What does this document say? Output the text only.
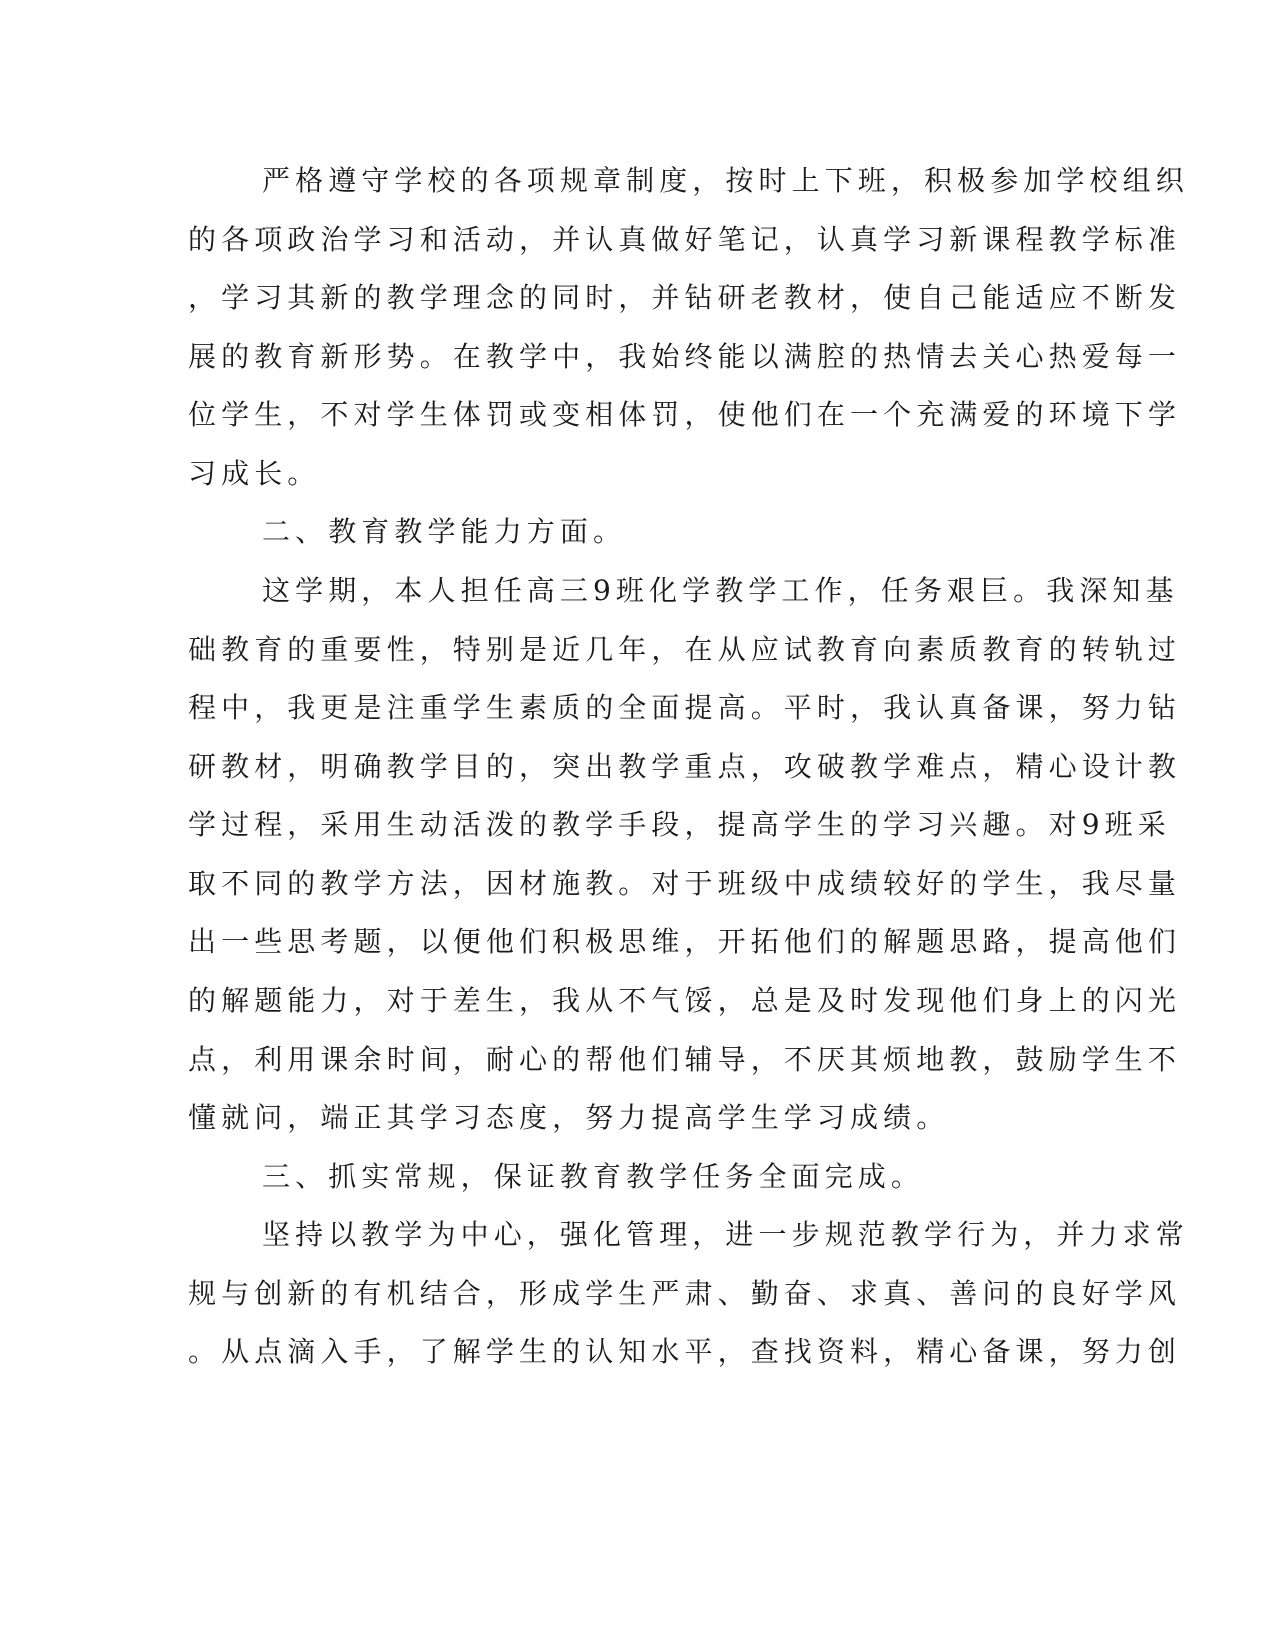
严格遵守学校的各项规章制度，按时上下班，积极参加学校组织
的各项政治学习和活动，并认真做好笔记，认真学习新课程教学标准
，学习其新的教学理念的同时，并钻研老教材，使自己能适应不断发
展的教育新形势。在教学中，我始终能以满腔的热情去关心热爱每一
位学生，不对学生体罚或变相体罚，使他们在一个充满爱的环境下学
习成长。
二、教育教学能力方面。
这学期，本人担任高三9班化学教学工作，任务艰巨。我深知基
础教育的重要性，特别是近几年，在从应试教育向素质教育的转轨过
程中，我更是注重学生素质的全面提高。平时，我认真备课，努力钻
研教材，明确教学目的，突出教学重点，攻破教学难点，精心设计教
学过程，采用生动活泼的教学手段，提高学生的学习兴趣。对9班采
取不同的教学方法，因材施教。对于班级中成绩较好的学生，我尽量
出一些思考题，以便他们积极思维，开拓他们的解题思路，提高他们
的解题能力，对于差生，我从不气馁，总是及时发现他们身上的闪光
点，利用课余时间，耐心的帮他们辅导，不厌其烦地教，鼓励学生不
懂就问，端正其学习态度，努力提高学生学习成绩。
三、抓实常规，保证教育教学任务全面完成。
坚持以教学为中心，强化管理，进一步规范教学行为，并力求常
规与创新的有机结合，形成学生严肃、勤奋、求真、善问的良好学风
。从点滴入手，了解学生的认知水平，查找资料，精心备课，努力创
